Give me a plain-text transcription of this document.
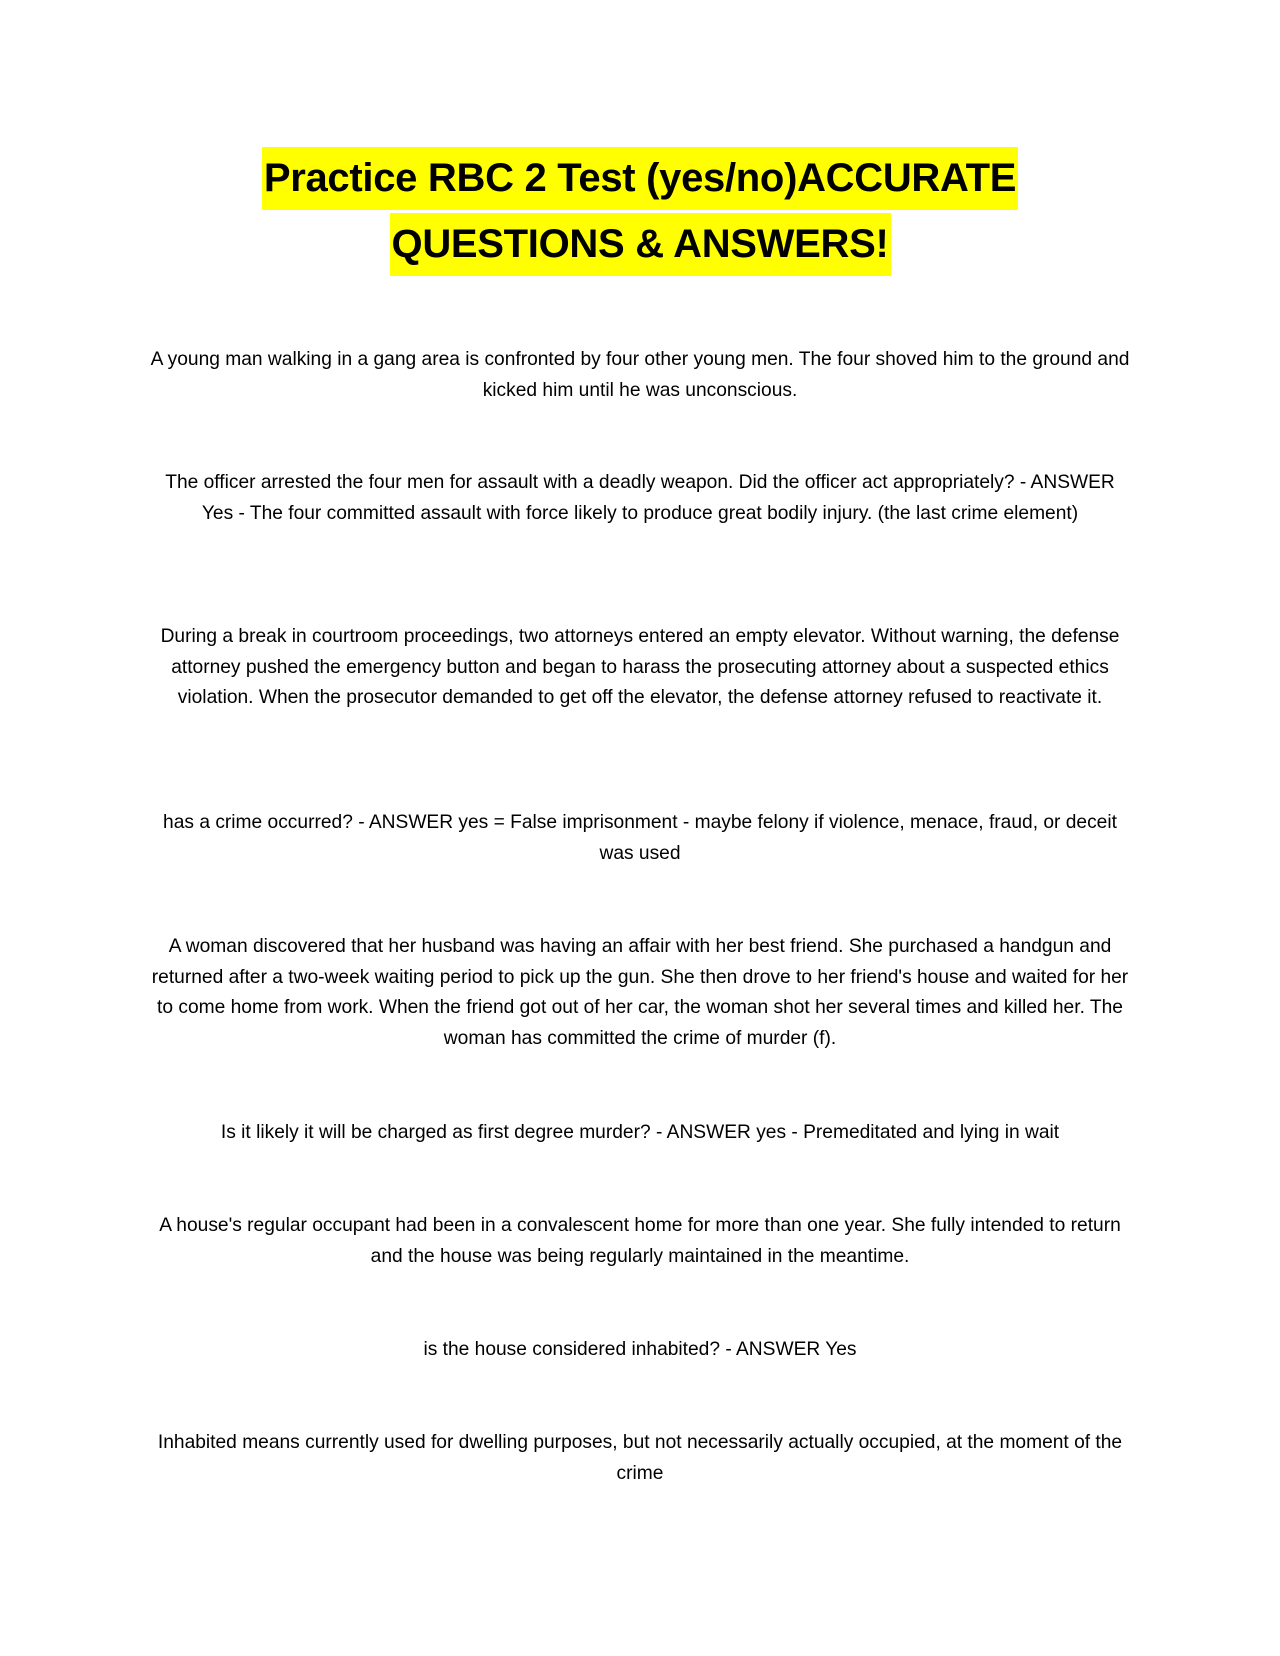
Practice RBC 2 Test (yes/no)ACCURATE
QUESTIONS & ANSWERS!

A young man walking in a gang area is confronted by four other young men. The four shoved him to the ground and kicked him until he was unconscious.

The officer arrested the four men for assault with a deadly weapon. Did the officer act appropriately? - ANSWER Yes - The four committed assault with force likely to produce great bodily injury. (the last crime element)

During a break in courtroom proceedings, two attorneys entered an empty elevator. Without warning, the defense attorney pushed the emergency button and began to harass the prosecuting attorney about a suspected ethics violation. When the prosecutor demanded to get off the elevator, the defense attorney refused to reactivate it.

has a crime occurred? - ANSWER yes = False imprisonment - maybe felony if violence, menace, fraud, or deceit was used

A woman discovered that her husband was having an affair with her best friend. She purchased a handgun and returned after a two-week waiting period to pick up the gun. She then drove to her friend's house and waited for her to come home from work. When the friend got out of her car, the woman shot her several times and killed her. The woman has committed the crime of murder (f).

Is it likely it will be charged as first degree murder? - ANSWER yes - Premeditated and lying in wait

A house's regular occupant had been in a convalescent home for more than one year. She fully intended to return and the house was being regularly maintained in the meantime.

is the house considered inhabited? - ANSWER Yes

Inhabited means currently used for dwelling purposes, but not necessarily actually occupied, at the moment of the crime
